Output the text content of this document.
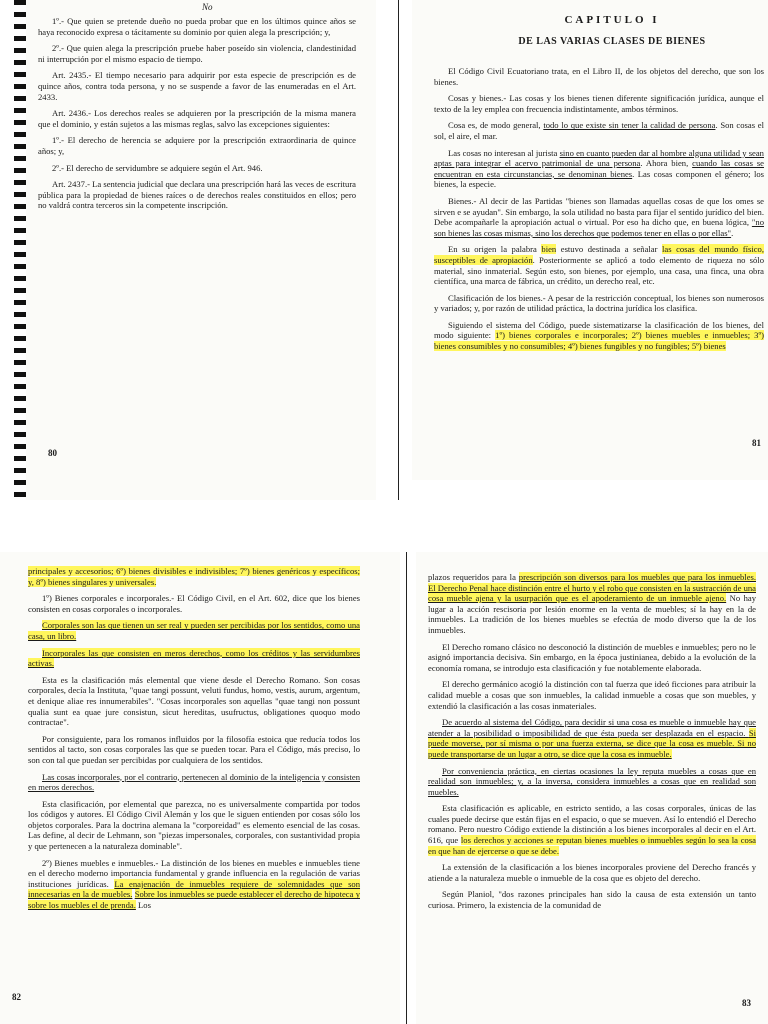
No

1º.- Que quien se pretende dueño no pueda probar que en los últimos quince años se haya reconocido expresa o tácitamente su dominio por quien alega la prescripción; y,

2º.- Que quien alega la prescripción pruebe haber poseído sin violencia, clandestinidad ni interrupción por el mismo espacio de tiempo.

Art. 2435.- El tiempo necesario para adquirir por esta especie de prescripción es de quince años, contra toda persona, y no se suspende a favor de las enumeradas en el Art. 2433.

Art. 2436.- Los derechos reales se adquieren por la prescripción de la misma manera que el dominio, y están sujetos a las mismas reglas, salvo las excepciones siguientes:

1º.- El derecho de herencia se adquiere por la prescripción extraordinaria de quince años; y,

2º.- El derecho de servidumbre se adquiere según el Art. 946.

Art. 2437.- La sentencia judicial que declara una prescripción hará las veces de escritura pública para la propiedad de bienes raíces o de derechos reales constituidos en ellos; pero no valdrá contra terceros sin la competente inscripción.

80
CAPITULO I
DE LAS VARIAS CLASES DE BIENES

El Código Civil Ecuatoriano trata, en el Libro II, de los objetos del derecho, que son los bienes.

Cosas y bienes.- Las cosas y los bienes tienen diferente significación jurídica, aunque el texto de la ley emplea con frecuencia indistintamente, ambos términos.

Cosa es, de modo general, todo lo que existe sin tener la calidad de persona. Son cosas el sol, el aire, el mar.

Las cosas no interesan al jurista sino en cuanto pueden dar al hombre alguna utilidad y sean aptas para integrar el acervo patrimonial de una persona. Ahora bien, cuando las cosas se encuentran en esta circunstancias, se denominan bienes. Las cosas componen el género; los bienes, la especie.

Bienes.- Al decir de las Partidas "bienes son llamadas aquellas cosas de que los omes se sirven e se ayudan". Sin embargo, la sola utilidad no basta para fijar el sentido jurídico del bien. Debe acompañarle la apropiación actual o virtual. Por eso ha dicho que, en buena lógica, "no son bienes las cosas mismas, sino los derechos que podemos tener en ellas o por ellas".

En su origen la palabra bien estuvo destinada a señalar las cosas del mundo físico, susceptibles de apropiación. Posteriormente se aplicó a todo elemento de riqueza no sólo material, sino inmaterial. Según esto, son bienes, por ejemplo, una casa, una finca, una obra científica, una marca de fábrica, un crédito, un derecho real, etc.

Clasificación de los bienes.- A pesar de la restricción conceptual, los bienes son numerosos y variados; y, por razón de utilidad práctica, la doctrina jurídica los clasifica.

Siguiendo el sistema del Código, puede sistematizarse la clasificación de los bienes, del modo siguiente: 1º) bienes corporales e incorporales; 2º) bienes muebles e inmuebles; 3º) bienes consumibles y no consumibles; 4º) bienes fungibles y no fungibles; 5º) bienes

81

principales y accesorios; 6º) bienes divisibles e indivisibles; 7º) bienes genéricos y específicos; y, 8º) bienes singulares y universales.

1º) Bienes corporales e incorporales.- El Código Civil, en el Art. 602, dice que los bienes consisten en cosas corporales o incorporales.

Corporales son las que tienen un ser real y pueden ser percibidas por los sentidos, como una casa, un libro.

Incorporales las que consisten en meros derechos, como los créditos y las servidumbres activas.

Esta es la clasificación más elemental que viene desde el Derecho Romano. Son cosas corporales, decía la Instituta, "quae tangi possunt, veluti fundus, homo, vestis, aurum, argentum, et denique aliae res innumerabiles". "Cosas incorporales son aquellas "quae tangi non possunt qualia sunt ea quae jure consistun, sicut hereditas, usufructus, obligationes quoquo modo contractae".

Por consiguiente, para los romanos influidos por la filosofía estoica que reducía todos los sentidos al tacto, son cosas corporales las que se pueden tocar. Para el Código, más preciso, lo son con tal que puedan ser percibidas por cualquiera de los sentidos.

Las cosas incorporales, por el contrario, pertenecen al dominio de la inteligencia y consisten en meros derechos.

Esta clasificación, por elemental que parezca, no es universalmente compartida por todos los códigos y autores. El Código Civil Alemán y los que le siguen entienden por cosas sólo los objetos corporales. Para la doctrina alemana la "corporeidad" es elemento esencial de las cosas. Las define, al decir de Lehmann, son "piezas impersonales, corporales, con sustantividad propia y que pertenecen a la naturaleza dominable".

2º) Bienes muebles e inmuebles.- La distinción de los bienes en muebles e inmuebles tiene en el derecho moderno importancia fundamental y grande influencia en la regulación de varias instituciones jurídicas. La enajenación de inmuebles requiere de solemnidades que son innecesarias en la de muebles. Sobre los inmuebles se puede establecer el derecho de hipoteca y sobre los muebles el de prenda. Los

82

plazos requeridos para la prescripción son diversos para los muebles que para los inmuebles. El Derecho Penal hace distinción entre el hurto y el robo que consisten en la sustracción de una cosa mueble ajena y la usurpación que es el apoderamiento de un inmueble ajeno. No hay lugar a la acción rescisoria por lesión enorme en la venta de muebles; sí la hay en la de inmuebles. La tradición de los bienes muebles se efectúa de modo diverso que la de los inmuebles.

El Derecho romano clásico no desconoció la distinción de muebles e inmuebles; pero no le asignó importancia decisiva. Sin embargo, en la época justinianea, debido a la evolución de la economía romana, se introdujo esta clasificación y fue notablemente elaborada.

El derecho germánico acogió la distinción con tal fuerza que ideó ficciones para atribuir la calidad mueble a cosas que son inmuebles, la calidad inmueble a cosas que son muebles, y extendió la clasificación a las cosas inmateriales.

De acuerdo al sistema del Código, para decidir si una cosa es mueble o inmueble hay que atender a la posibilidad o imposibilidad de que ésta pueda ser desplazada en el espacio. Si puede moverse, por sí misma o por una fuerza externa, se dice que la cosa es mueble. Si no puede transportarse de un lugar a otro, se dice que la cosa es inmueble.

Por conveniencia práctica, en ciertas ocasiones la ley reputa muebles a cosas que en realidad son inmuebles; y, a la inversa, considera inmuebles a cosas que en realidad son muebles.

Esta clasificación es aplicable, en estricto sentido, a las cosas corporales, únicas de las cuales puede decirse que están fijas en el espacio, o que se mueven. Así lo entendió el Derecho romano. Pero nuestro Código extiende la distinción a los bienes incorporales al decir en el Art. 616, que los derechos y acciones se reputan bienes muebles o inmuebles según lo sea la cosa en que han de ejercerse o que se debe.

La extensión de la clasificación a los bienes incorporales proviene del Derecho francés y atiende a la naturaleza mueble o inmueble de la cosa que es objeto del derecho.

Según Planiol, "dos razones principales han sido la causa de esta extensión un tanto curiosa. Primero, la existencia de la comunidad de

83
